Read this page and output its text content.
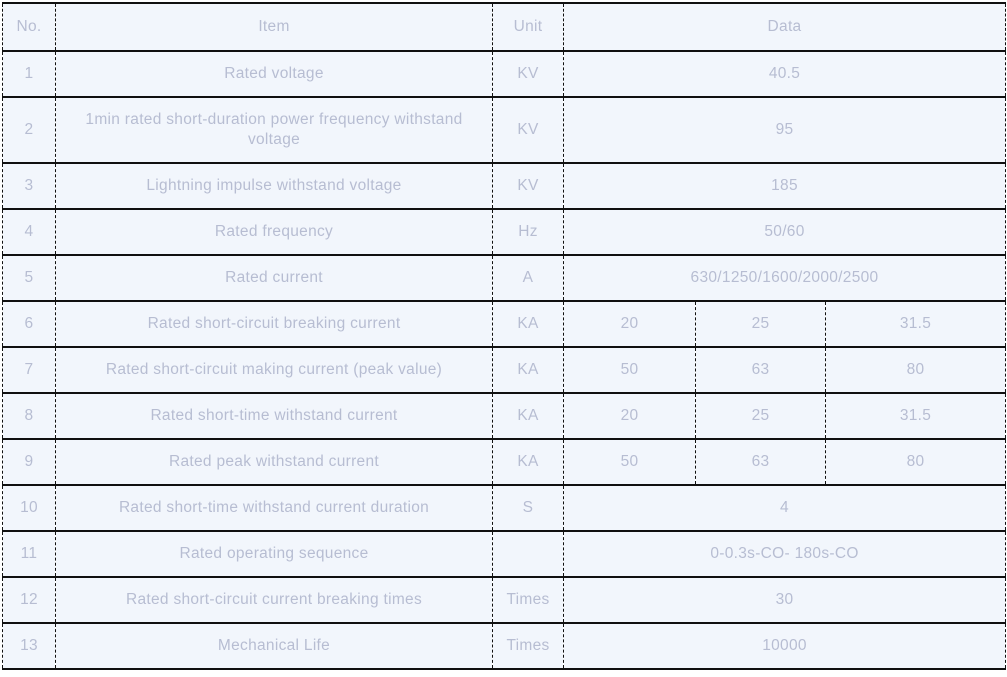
No.	Item	Unit	Data		
1	Rated voltage	KV	40.5		
2	1min rated short-duration power frequency withstand voltage	KV	95		
3	Lightning impulse withstand voltage	KV	185		
4	Rated frequency	Hz	50/60		
5	Rated current	A	630/1250/1600/2000/2500		
6	Rated short-circuit breaking current	KA	20	25	31.5
7	Rated short-circuit making current (peak value)	KA	50	63	80
8	Rated short-time withstand current	KA	20	25	31.5
9	Rated peak withstand current	KA	50	63	80
10	Rated short-time withstand current duration	S	4		
11	Rated operating sequence		0-0.3s-CO- 180s-CO		
12	Rated short-circuit current breaking times	Times	30		
13	Mechanical Life	Times	10000		
